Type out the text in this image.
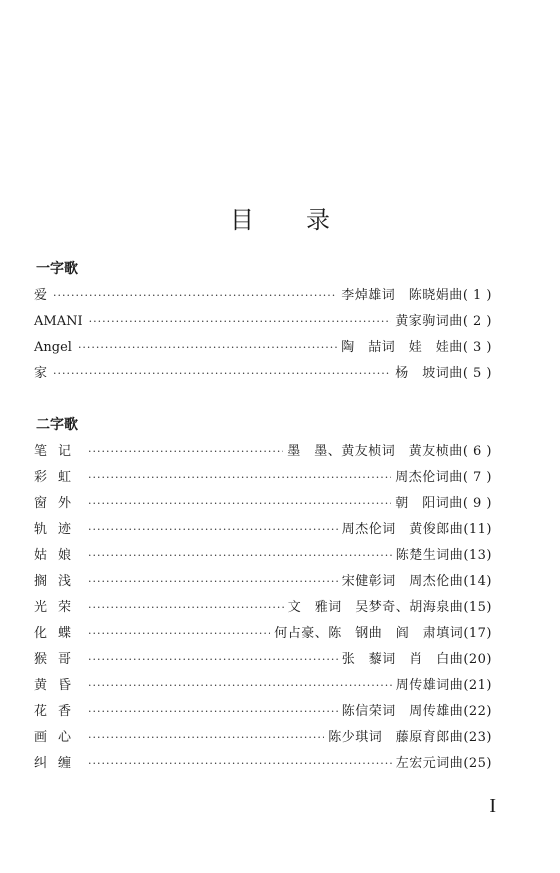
目 录
一字歌
爱 ·····	李焯雄词　陈晓娟曲( 1 )
AMANI ·····	黄家驹词曲( 2 )
Angel ·····	陶　喆词　娃　娃曲( 3 )
家 ·····	杨　坡词曲( 5 )
二字歌
笔记 ·····	墨　墨、黄友桢词　黄友桢曲( 6 )
彩虹 ·····	周杰伦词曲( 7 )
窗外 ·····	朝　阳词曲( 9 )
轨迹 ·····	周杰伦词　黄俊郎曲(11)
姑娘 ·····	陈楚生词曲(13)
搁浅 ·····	宋健彰词　周杰伦曲(14)
光荣 ·····	文　雅词　吴梦奇、胡海泉曲(15)
化蝶 ·····	何占豪、陈　钢曲　阎　肃填词(17)
猴哥 ·····	张　藜词　肖　白曲(20)
黄昏 ·····	周传雄词曲(21)
花香 ·····	陈信荣词　周传雄曲(22)
画心 ·····	陈少琪词　藤原育郎曲(23)
纠缠 ·····	左宏元词曲(25)
I
